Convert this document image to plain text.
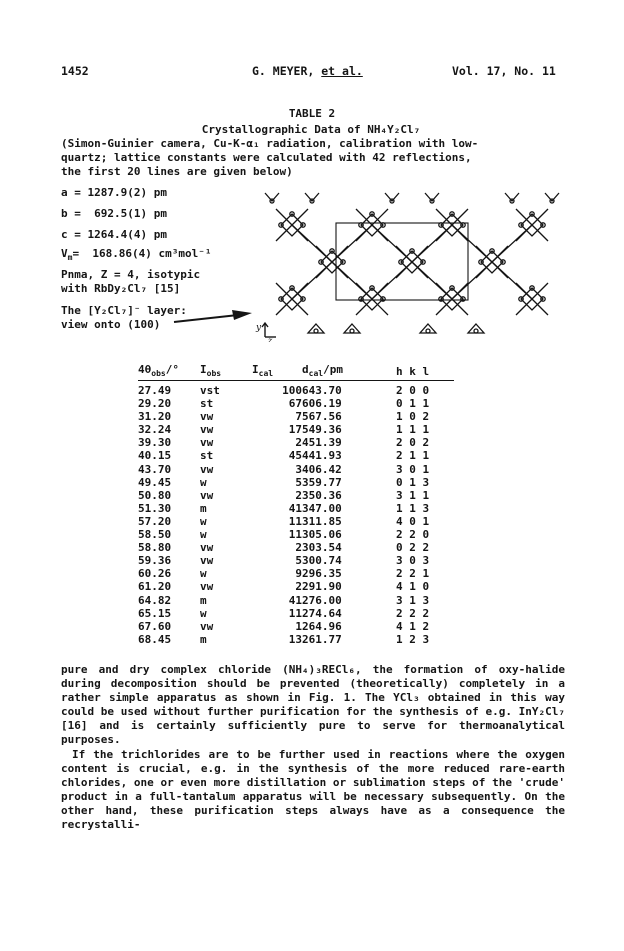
1452	G. MEYER, et al.	Vol. 17, No. 11
TABLE 2
Crystallographic Data of NH₄Y₂Cl₇
(Simon-Guinier camera, Cu-K-α₁ radiation, calibration with low-
quartz; lattice constants were calculated with 42 reflections,
the first 20 lines are given below)
a = 1287.9(2) pm
b =  692.5(1) pm
c = 1264.4(4) pm
$V_m= 168.86(4)$ cm³mol⁻¹
Pnma, Z = 4, isotypic
with RbDy₂Cl₇ [15]
The [Y₂Cl₇]⁻ layer:
view onto (100)	y
z
$4\theta_{obs}/^\circ$	$I_{obs}$	$I_{cal}$	$d_{cal}/pm$	h k l

27.49	vst	100	643.70	2 0 0
29.20	st	67	606.19	0 1 1
31.20	vw	7	567.56	1 0 2
32.24	vw	17	549.36	1 1 1
39.30	vw	2	451.39	2 0 2
40.15	st	45	441.93	2 1 1
43.70	vw	3	406.42	3 0 1
49.45	w	5	359.77	0 1 3
50.80	vw	2	350.36	3 1 1
51.30	m	41	347.00	1 1 3
57.20	w	11	311.85	4 0 1
58.50	w	11	305.06	2 2 0
58.80	vw	2	303.54	0 2 2
59.36	vw	5	300.74	3 0 3
60.26	w	9	296.35	2 2 1
61.20	vw	2	291.90	4 1 0
64.82	m	41	276.00	3 1 3
65.15	w	11	274.64	2 2 2
67.60	vw	1	264.96	4 1 2
68.45	m	13	261.77	1 2 3

pure and dry complex chloride (NH₄)₃RECl₆, the formation of oxy-halide during decomposition should be prevented (theoretically) completely in a rather simple apparatus as shown in Fig. 1. The YCl₃ obtained in this way could be used without further purification for the synthesis of e.g. InY₂Cl₇ [16] and is certainly sufficiently pure to serve for thermoanalytical purposes.

If the trichlorides are to be further used in reactions where the oxygen content is crucial, e.g. in the synthesis of the more reduced rare-earth chlorides, one or even more distillation or sublimation steps of the 'crude' product in a full-tantalum apparatus will be necessary subsequently. On the other hand, these purification steps always have as a consequence the recrystalli-
